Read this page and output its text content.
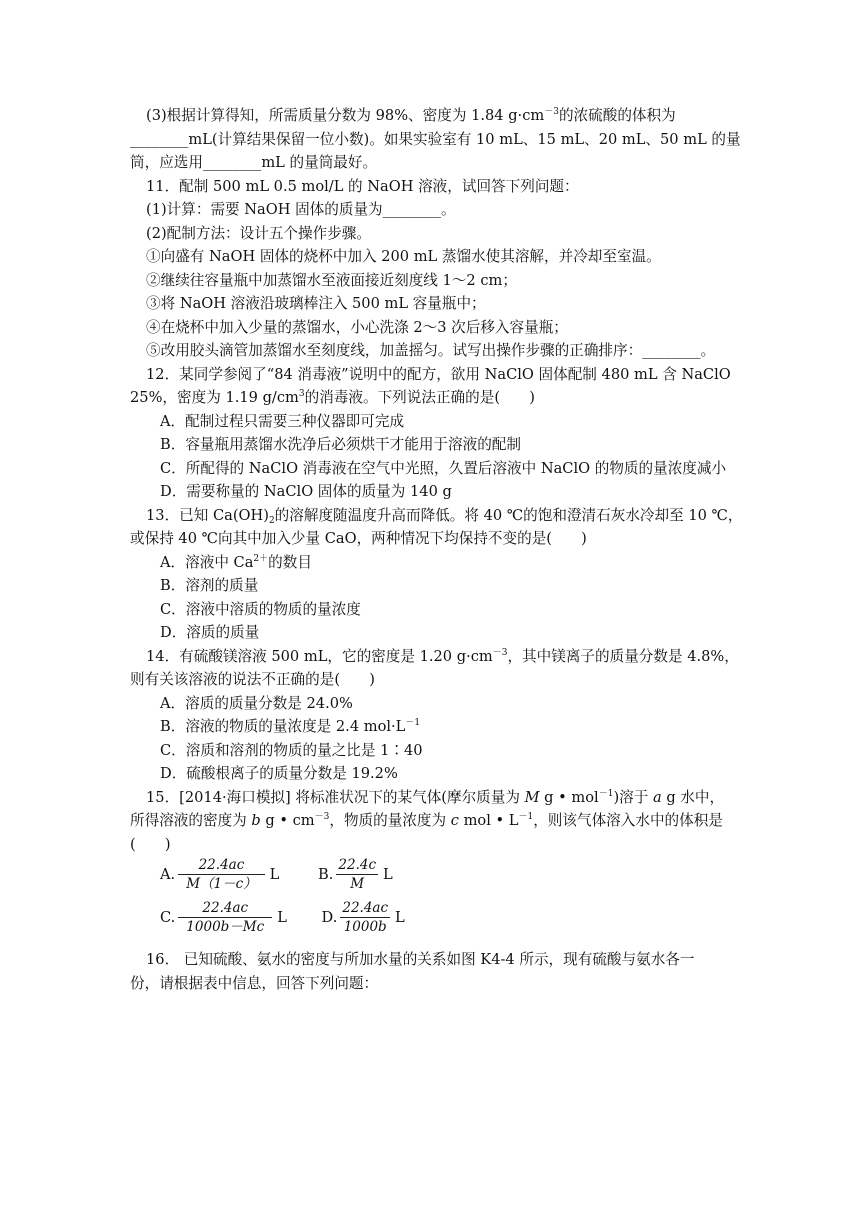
(3)根据计算得知，所需质量分数为 98%、密度为 1.84 $g\cdot cm^{-3}$的浓硫酸的体积为
________mL(计算结果保留一位小数)。如果实验室有 10 mL、15 mL、20 mL、50 mL 的量
筒，应选用________mL 的量筒最好。
11．配制 500 mL 0.5 mol/L 的 NaOH 溶液，试回答下列问题：
(1)计算：需要 NaOH 固体的质量为________。
(2)配制方法：设计五个操作步骤。
①向盛有 NaOH 固体的烧杯中加入 200 mL 蒸馏水使其溶解，并冷却至室温。
②继续往容量瓶中加蒸馏水至液面接近刻度线 1～2 cm；
③将 NaOH 溶液沿玻璃棒注入 500 mL 容量瓶中；
④在烧杯中加入少量的蒸馏水，小心洗涤 2～3 次后移入容量瓶；
⑤改用胶头滴管加蒸馏水至刻度线，加盖摇匀。试写出操作步骤的正确排序：________。
12．某同学参阅了“84 消毒液”说明中的配方，欲用 NaClO 固体配制 480 mL 含 NaClO
25%，密度为 1.19 $g/cm^3$的消毒液。下列说法正确的是(　　)
A．配制过程只需要三种仪器即可完成
B．容量瓶用蒸馏水洗净后必须烘干才能用于溶液的配制
C．所配得的 NaClO 消毒液在空气中光照，久置后溶液中 NaClO 的物质的量浓度减小
D．需要称量的 NaClO 固体的质量为 140 g
13．已知 $Ca(OH)_2$的溶解度随温度升高而降低。将 40 ℃的饱和澄清石灰水冷却至 10 ℃，
或保持 40 ℃向其中加入少量 CaO，两种情况下均保持不变的是(　　)
A．溶液中 $Ca^{2+}$的数目
B．溶剂的质量
C．溶液中溶质的物质的量浓度
D．溶质的质量
14．有硫酸镁溶液 500 mL，它的密度是 1.20 $g\cdot cm^{-3}$，其中镁离子的质量分数是 4.8%，
则有关该溶液的说法不正确的是(　　)
A．溶质的质量分数是 24.0%
B．溶液的物质的量浓度是 2.4 $mol\cdot L^{-1}$
C．溶质和溶剂的物质的量之比是 1∶40
D．硫酸根离子的质量分数是 19.2%
15．[2014·海口模拟] 将标准状况下的某气体(摩尔质量为 M g • mol$^{-1}$)溶于 a g 水中，
所得溶液的密度为 b g • $cm^{-3}$，物质的量浓度为 c mol • $L^{-1}$，则该气体溶入水中的体积是
(　　)
A. $\frac{22.4ac}{M(1-c)}$ L	B. $\frac{22.4c}{M}$ L
C. $\frac{22.4ac}{1000b-Mc}$ L D. $\frac{22.4ac}{1000b}$ L
16． 已知硫酸、氨水的密度与所加水量的关系如图 K4-4 所示，现有硫酸与氨水各一
份，请根据表中信息，回答下列问题：
